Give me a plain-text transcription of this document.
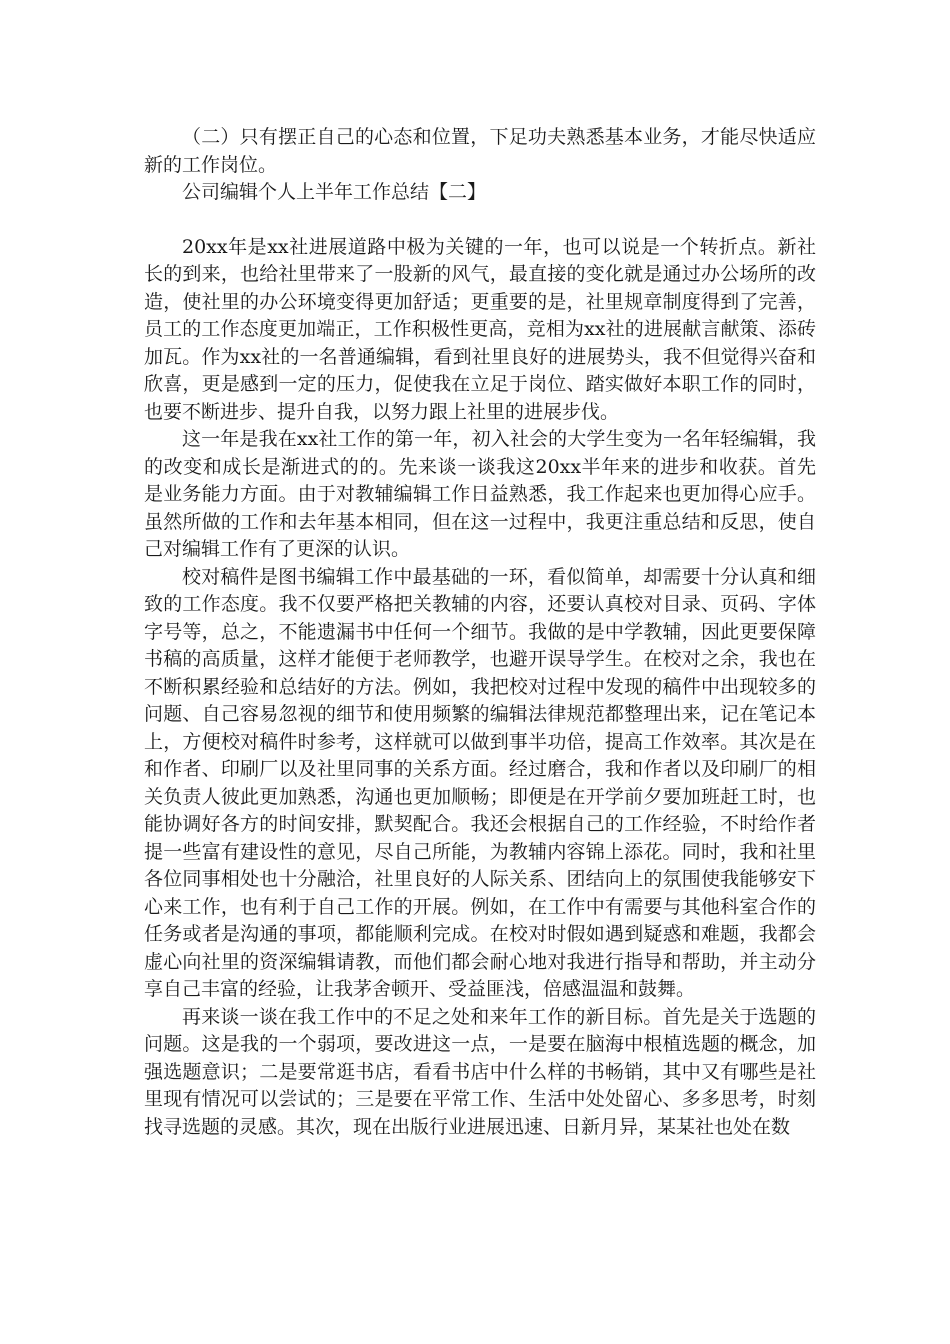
（二）只有摆正自己的心态和位置，下足功夫熟悉基本业务，才能尽快适应新的工作岗位。

公司编辑个人上半年工作总结【二】

20xx年是xx社进展道路中极为关键的一年，也可以说是一个转折点。新社长的到来，也给社里带来了一股新的风气，最直接的变化就是通过办公场所的改造，使社里的办公环境变得更加舒适；更重要的是，社里规章制度得到了完善，员工的工作态度更加端正，工作积极性更高，竞相为xx社的进展献言献策、添砖加瓦。作为xx社的一名普通编辑，看到社里良好的进展势头，我不但觉得兴奋和欣喜，更是感到一定的压力，促使我在立足于岗位、踏实做好本职工作的同时，也要不断进步、提升自我，以努力跟上社里的进展步伐。

这一年是我在xx社工作的第一年，初入社会的大学生变为一名年轻编辑，我的改变和成长是渐进式的的。先来谈一谈我这20xx半年来的进步和收获。首先是业务能力方面。由于对教辅编辑工作日益熟悉，我工作起来也更加得心应手。虽然所做的工作和去年基本相同，但在这一过程中，我更注重总结和反思，使自己对编辑工作有了更深的认识。

校对稿件是图书编辑工作中最基础的一环，看似简单，却需要十分认真和细致的工作态度。我不仅要严格把关教辅的内容，还要认真校对目录、页码、字体字号等，总之，不能遗漏书中任何一个细节。我做的是中学教辅，因此更要保障书稿的高质量，这样才能便于老师教学，也避开误导学生。在校对之余，我也在不断积累经验和总结好的方法。例如，我把校对过程中发现的稿件中出现较多的问题、自己容易忽视的细节和使用频繁的编辑法律规范都整理出来，记在笔记本上，方便校对稿件时参考，这样就可以做到事半功倍，提高工作效率。其次是在和作者、印刷厂以及社里同事的关系方面。经过磨合，我和作者以及印刷厂的相关负责人彼此更加熟悉，沟通也更加顺畅；即便是在开学前夕要加班赶工时，也能协调好各方的时间安排，默契配合。我还会根据自己的工作经验，不时给作者提一些富有建设性的意见，尽自己所能，为教辅内容锦上添花。同时，我和社里各位同事相处也十分融洽，社里良好的人际关系、团结向上的氛围使我能够安下心来工作，也有利于自己工作的开展。例如，在工作中有需要与其他科室合作的任务或者是沟通的事项，都能顺利完成。在校对时假如遇到疑惑和难题，我都会虚心向社里的资深编辑请教，而他们都会耐心地对我进行指导和帮助，并主动分享自己丰富的经验，让我茅舍顿开、受益匪浅，倍感温温和鼓舞。

再来谈一谈在我工作中的不足之处和来年工作的新目标。首先是关于选题的问题。这是我的一个弱项，要改进这一点，一是要在脑海中根植选题的概念，加强选题意识；二是要常逛书店，看看书店中什么样的书畅销，其中又有哪些是社里现有情况可以尝试的；三是要在平常工作、生活中处处留心、多多思考，时刻找寻选题的灵感。其次，现在出版行业进展迅速、日新月异，某某社也处在数
